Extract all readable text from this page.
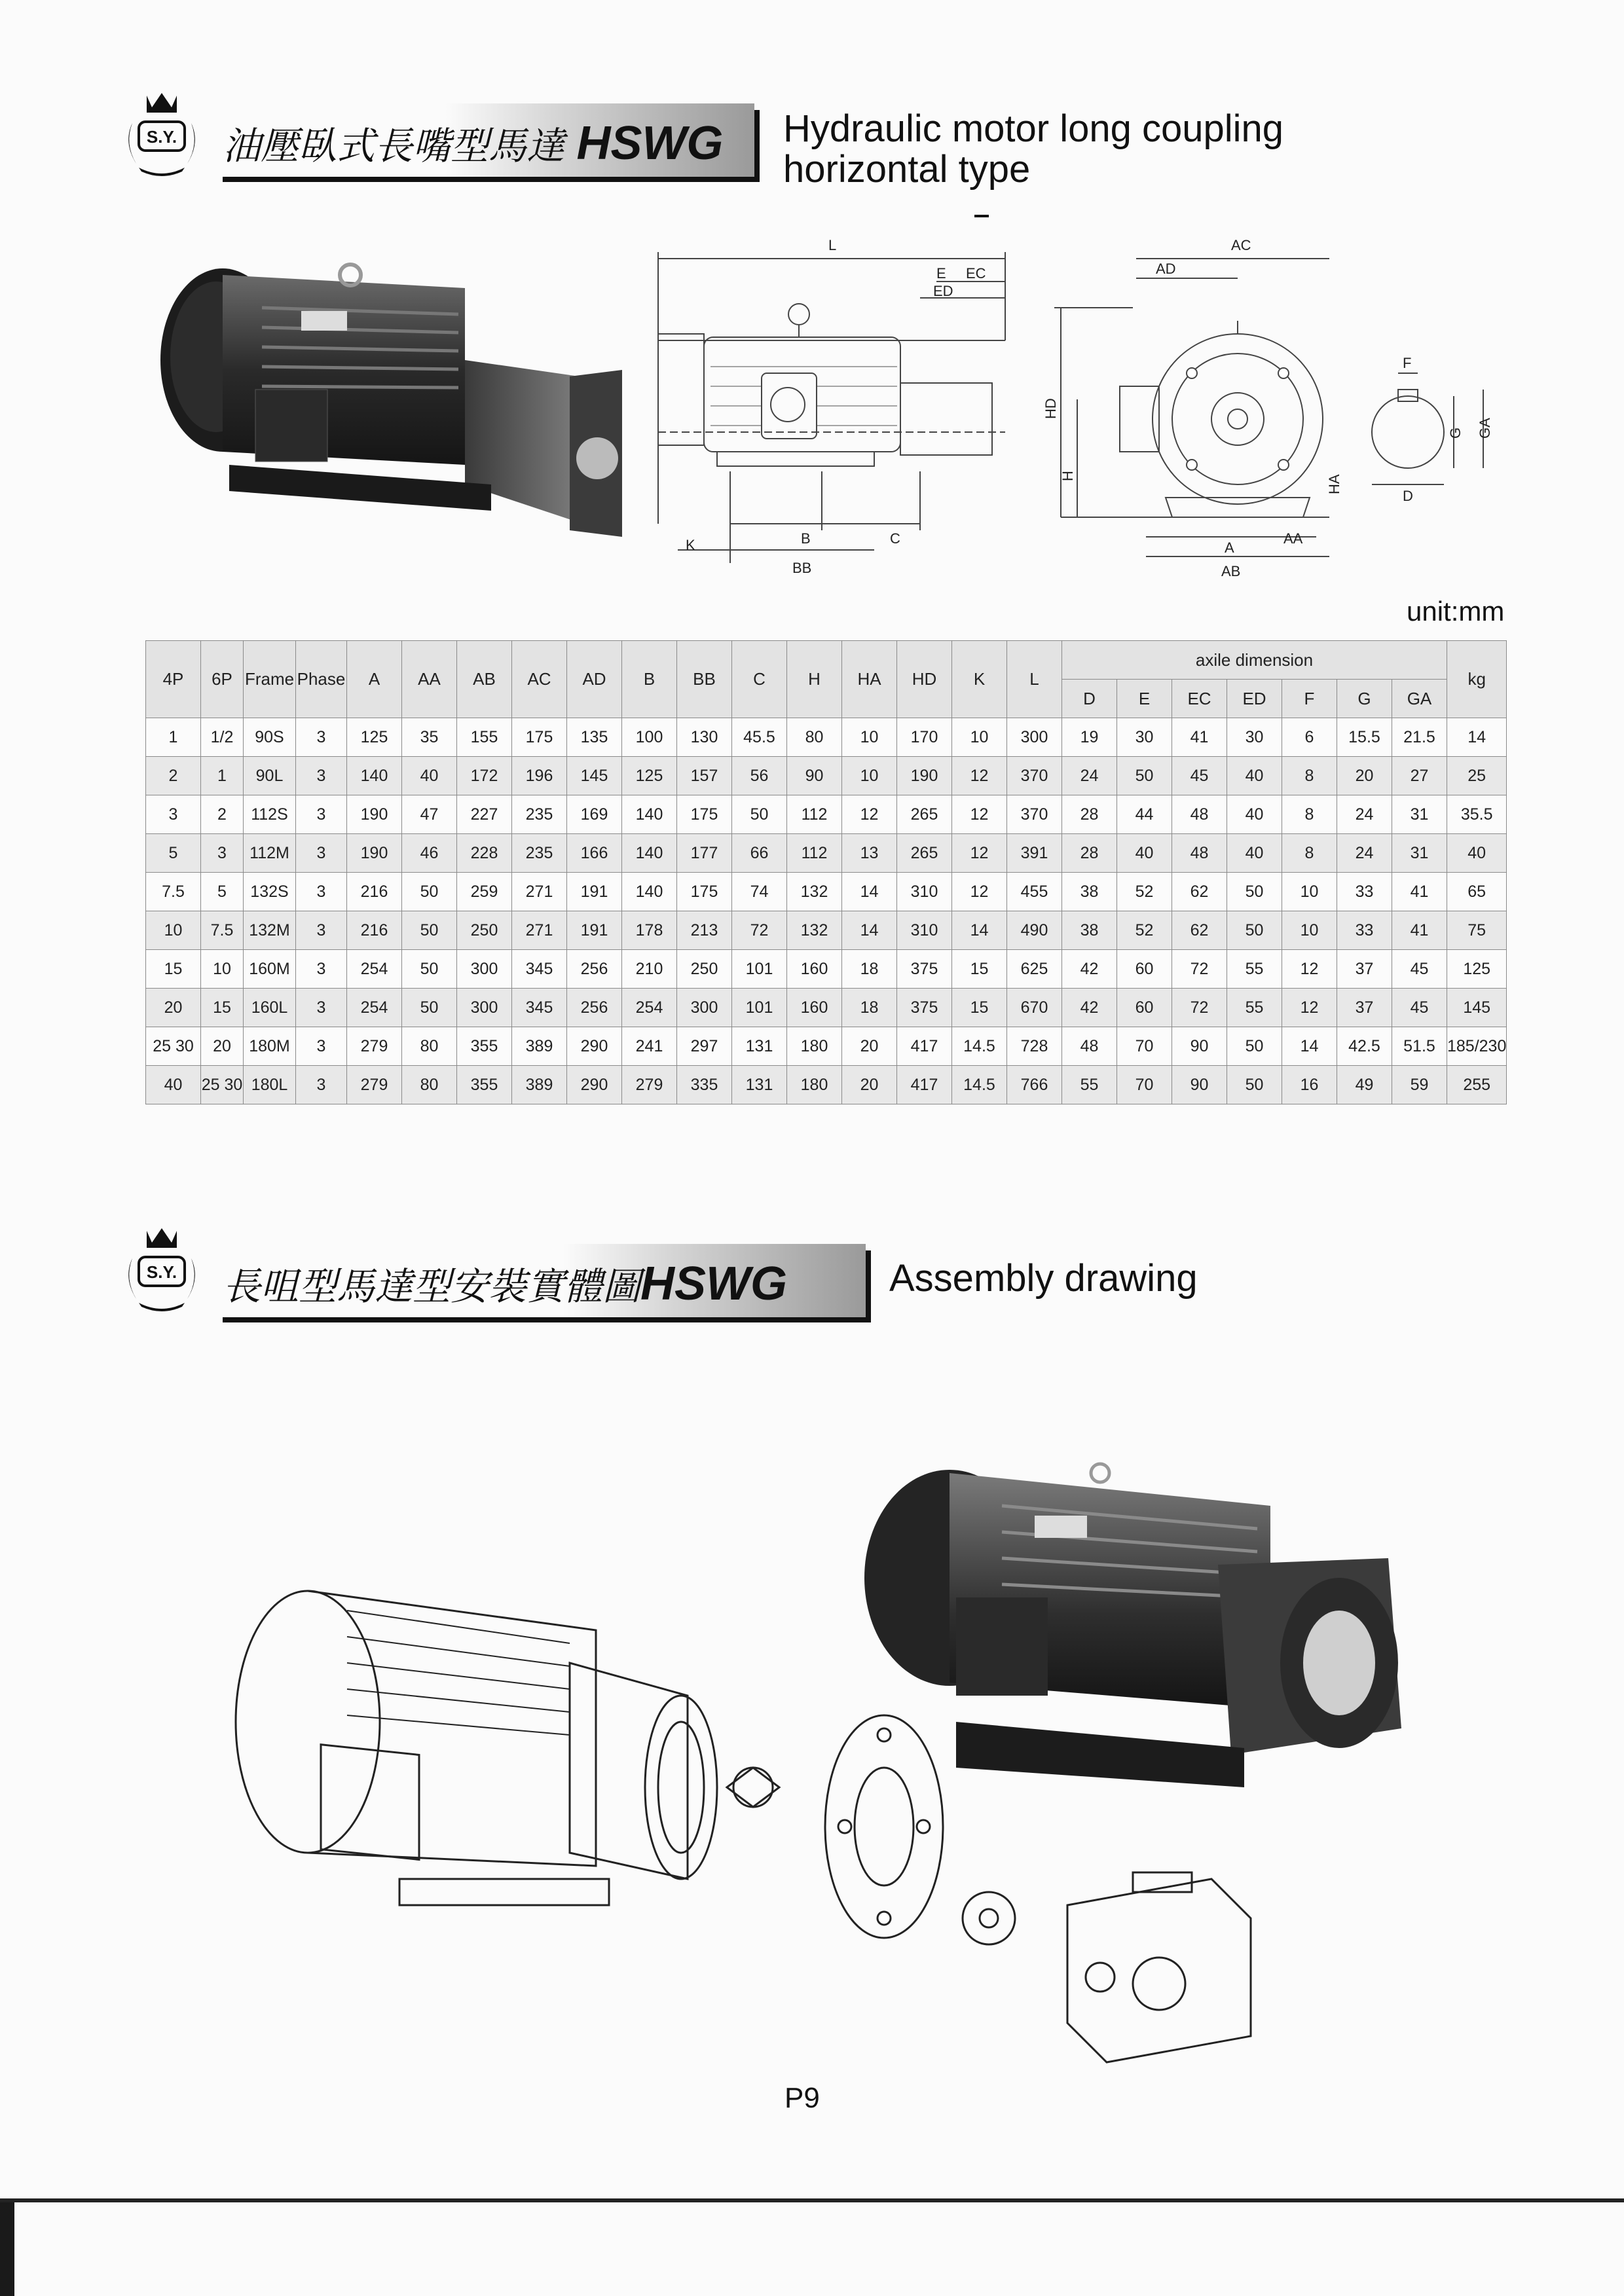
S.Y. 油壓臥式長嘴型馬達 HSWG Hydraulic motor long coupling
horizontal type
L
E EC
ED
K	B	C
BB
AC
AD
HD
H	HA
A
AA
AB
F
G GA
D
unit:mm
4P	6P	Frame	Phase	A	AA	AB	AC	AD	B	BB	C	H	HA	HD	K	L	axile dimension							kg
																	D	E	EC	ED	F	G	GA	
1	1/2	90S	3	125	35	155	175	135	100	130	45.5	80	10	170	10	300	19	30	41	30	6	15.5	21.5	14
2	1	90L	3	140	40	172	196	145	125	157	56	90	10	190	12	370	24	50	45	40	8	20	27	25
3	2	112S	3	190	47	227	235	169	140	175	50	112	12	265	12	370	28	44	48	40	8	24	31	35.5
5	3	112M	3	190	46	228	235	166	140	177	66	112	13	265	12	391	28	40	48	40	8	24	31	40
7.5	5	132S	3	216	50	259	271	191	140	175	74	132	14	310	12	455	38	52	62	50	10	33	41	65
10	7.5	132M	3	216	50	250	271	191	178	213	72	132	14	310	14	490	38	52	62	50	10	33	41	75
15	10	160M	3	254	50	300	345	256	210	250	101	160	18	375	15	625	42	60	72	55	12	37	45	125
20	15	160L	3	254	50	300	345	256	254	300	101	160	18	375	15	670	42	60	72	55	12	37	45	145
25 30	20	180M	3	279	80	355	389	290	241	297	131	180	20	417	14.5	728	48	70	90	50	14	42.5	51.5	185/230
40	25 30	180L	3	279	80	355	389	290	279	335	131	180	20	417	14.5	766	55	70	90	50	16	49	59	255
S.Y. 長咀型馬達型安裝實體圖HSWG	Assembly drawing
P9
